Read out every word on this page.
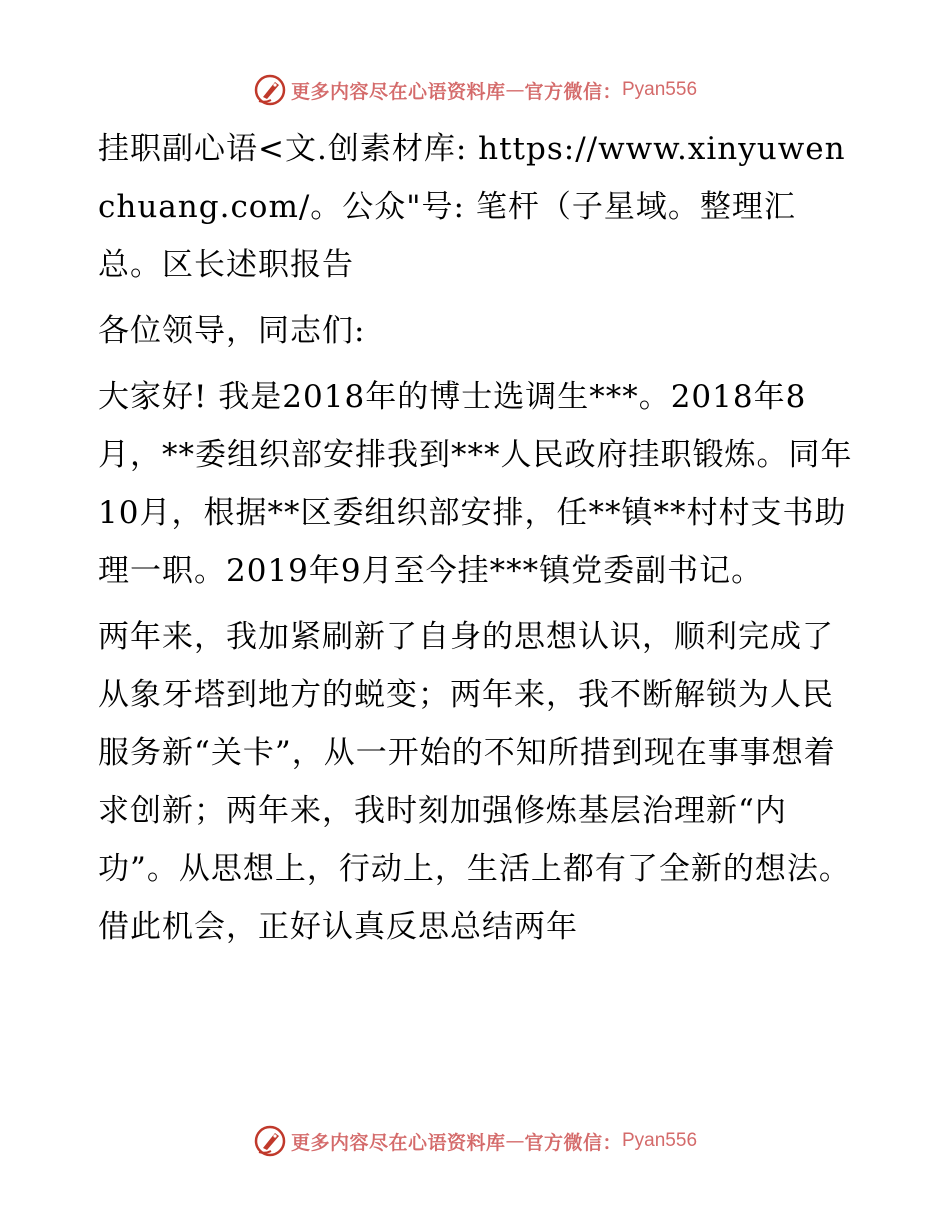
更多内容尽在心语资料库 — 官方微信： Pyan556

挂职副心语<文.创素材库: https://www.xinyuwenchuang.com/。公众"号: 笔杆（子星域。整理汇总。区长述职报告

各位领导，同志们:

大家好! 我是2018年的博士选调生***。2018年8月，**委组织部安排我到***人民政府挂职锻炼。同年10月，根据**区委组织部安排，任**镇**村村支书助理一职。2019年9月至今挂***镇党委副书记。

两年来，我加紧刷新了自身的思想认识，顺利完成了从象牙塔到地方的蜕变；两年来，我不断解锁为人民服务新“关卡”，从一开始的不知所措到现在事事想着求创新；两年来，我时刻加强修炼基层治理新“内功”。从思想上，行动上，生活上都有了全新的想法。借此机会，正好认真反思总结两年

更多内容尽在心语资料库 — 官方微信： Pyan556
